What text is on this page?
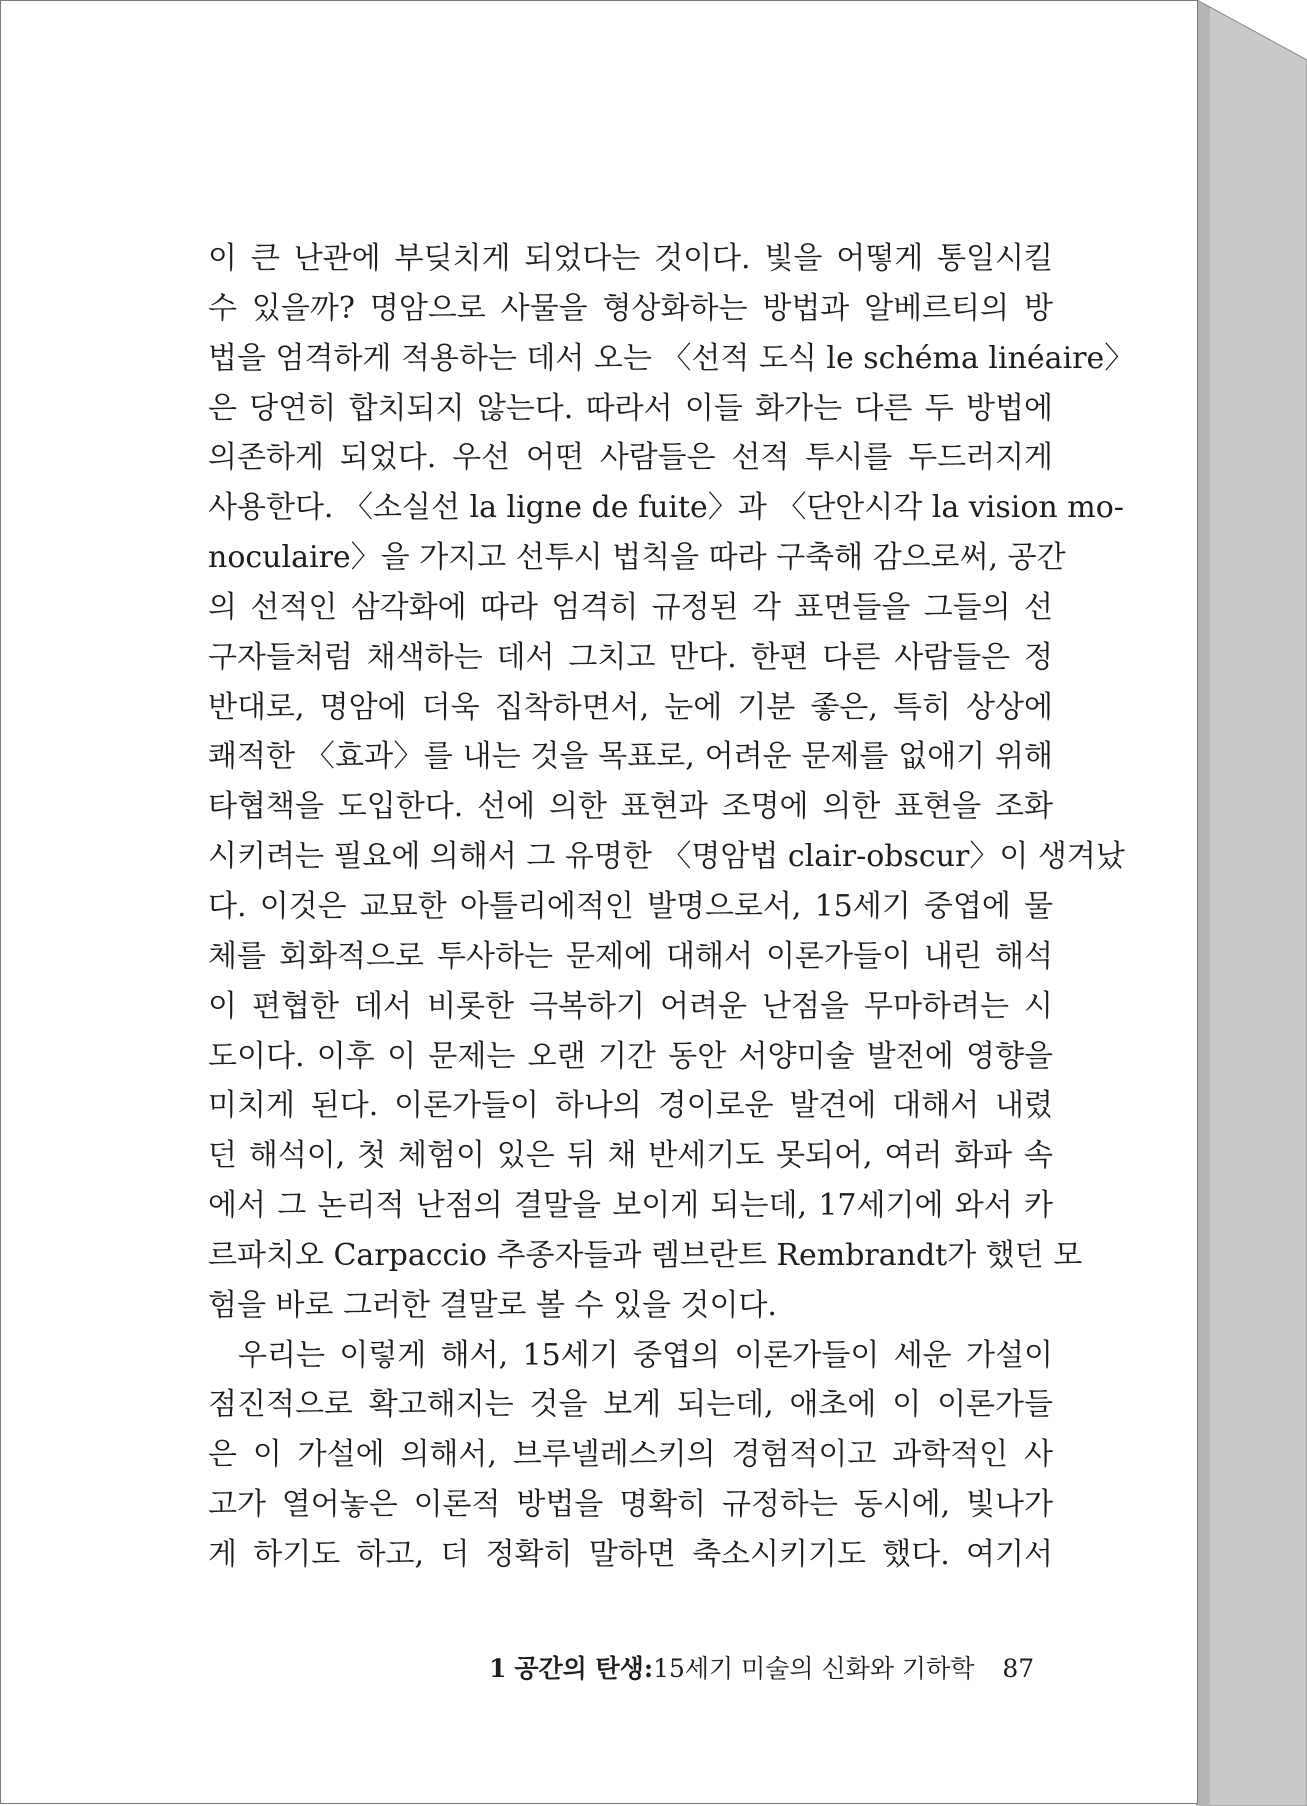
이 큰 난관에 부딪치게 되었다는 것이다. 빛을 어떻게 통일시킬
수 있을까? 명암으로 사물을 형상화하는 방법과 알베르티의 방
법을 엄격하게 적용하는 데서 오는 〈선적 도식 le schéma linéaire〉
은 당연히 합치되지 않는다. 따라서 이들 화가는 다른 두 방법에
의존하게 되었다. 우선 어떤 사람들은 선적 투시를 두드러지게
사용한다. 〈소실선 la ligne de fuite〉과 〈단안시각 la vision mo-
noculaire〉을 가지고 선투시 법칙을 따라 구축해 감으로써, 공간
의 선적인 삼각화에 따라 엄격히 규정된 각 표면들을 그들의 선
구자들처럼 채색하는 데서 그치고 만다. 한편 다른 사람들은 정
반대로, 명암에 더욱 집착하면서, 눈에 기분 좋은, 특히 상상에
쾌적한 〈효과〉를 내는 것을 목표로, 어려운 문제를 없애기 위해
타협책을 도입한다. 선에 의한 표현과 조명에 의한 표현을 조화
시키려는 필요에 의해서 그 유명한 〈명암법 clair-obscur〉이 생겨났
다. 이것은 교묘한 아틀리에적인 발명으로서, 15세기 중엽에 물
체를 회화적으로 투사하는 문제에 대해서 이론가들이 내린 해석
이 편협한 데서 비롯한 극복하기 어려운 난점을 무마하려는 시
도이다. 이후 이 문제는 오랜 기간 동안 서양미술 발전에 영향을
미치게 된다. 이론가들이 하나의 경이로운 발견에 대해서 내렸
던 해석이, 첫 체험이 있은 뒤 채 반세기도 못되어, 여러 화파 속
에서 그 논리적 난점의 결말을 보이게 되는데, 17세기에 와서 카
르파치오 Carpaccio 추종자들과 렘브란트 Rembrandt가 했던 모
험을 바로 그러한 결말로 볼 수 있을 것이다.
우리는 이렇게 해서, 15세기 중엽의 이론가들이 세운 가설이
점진적으로 확고해지는 것을 보게 되는데, 애초에 이 이론가들
은 이 가설에 의해서, 브루넬레스키의 경험적이고 과학적인 사
고가 열어놓은 이론적 방법을 명확히 규정하는 동시에, 빛나가
게 하기도 하고, 더 정확히 말하면 축소시키기도 했다. 여기서
1 공간의 탄생:15세기 미술의 신화와 기하학 87
